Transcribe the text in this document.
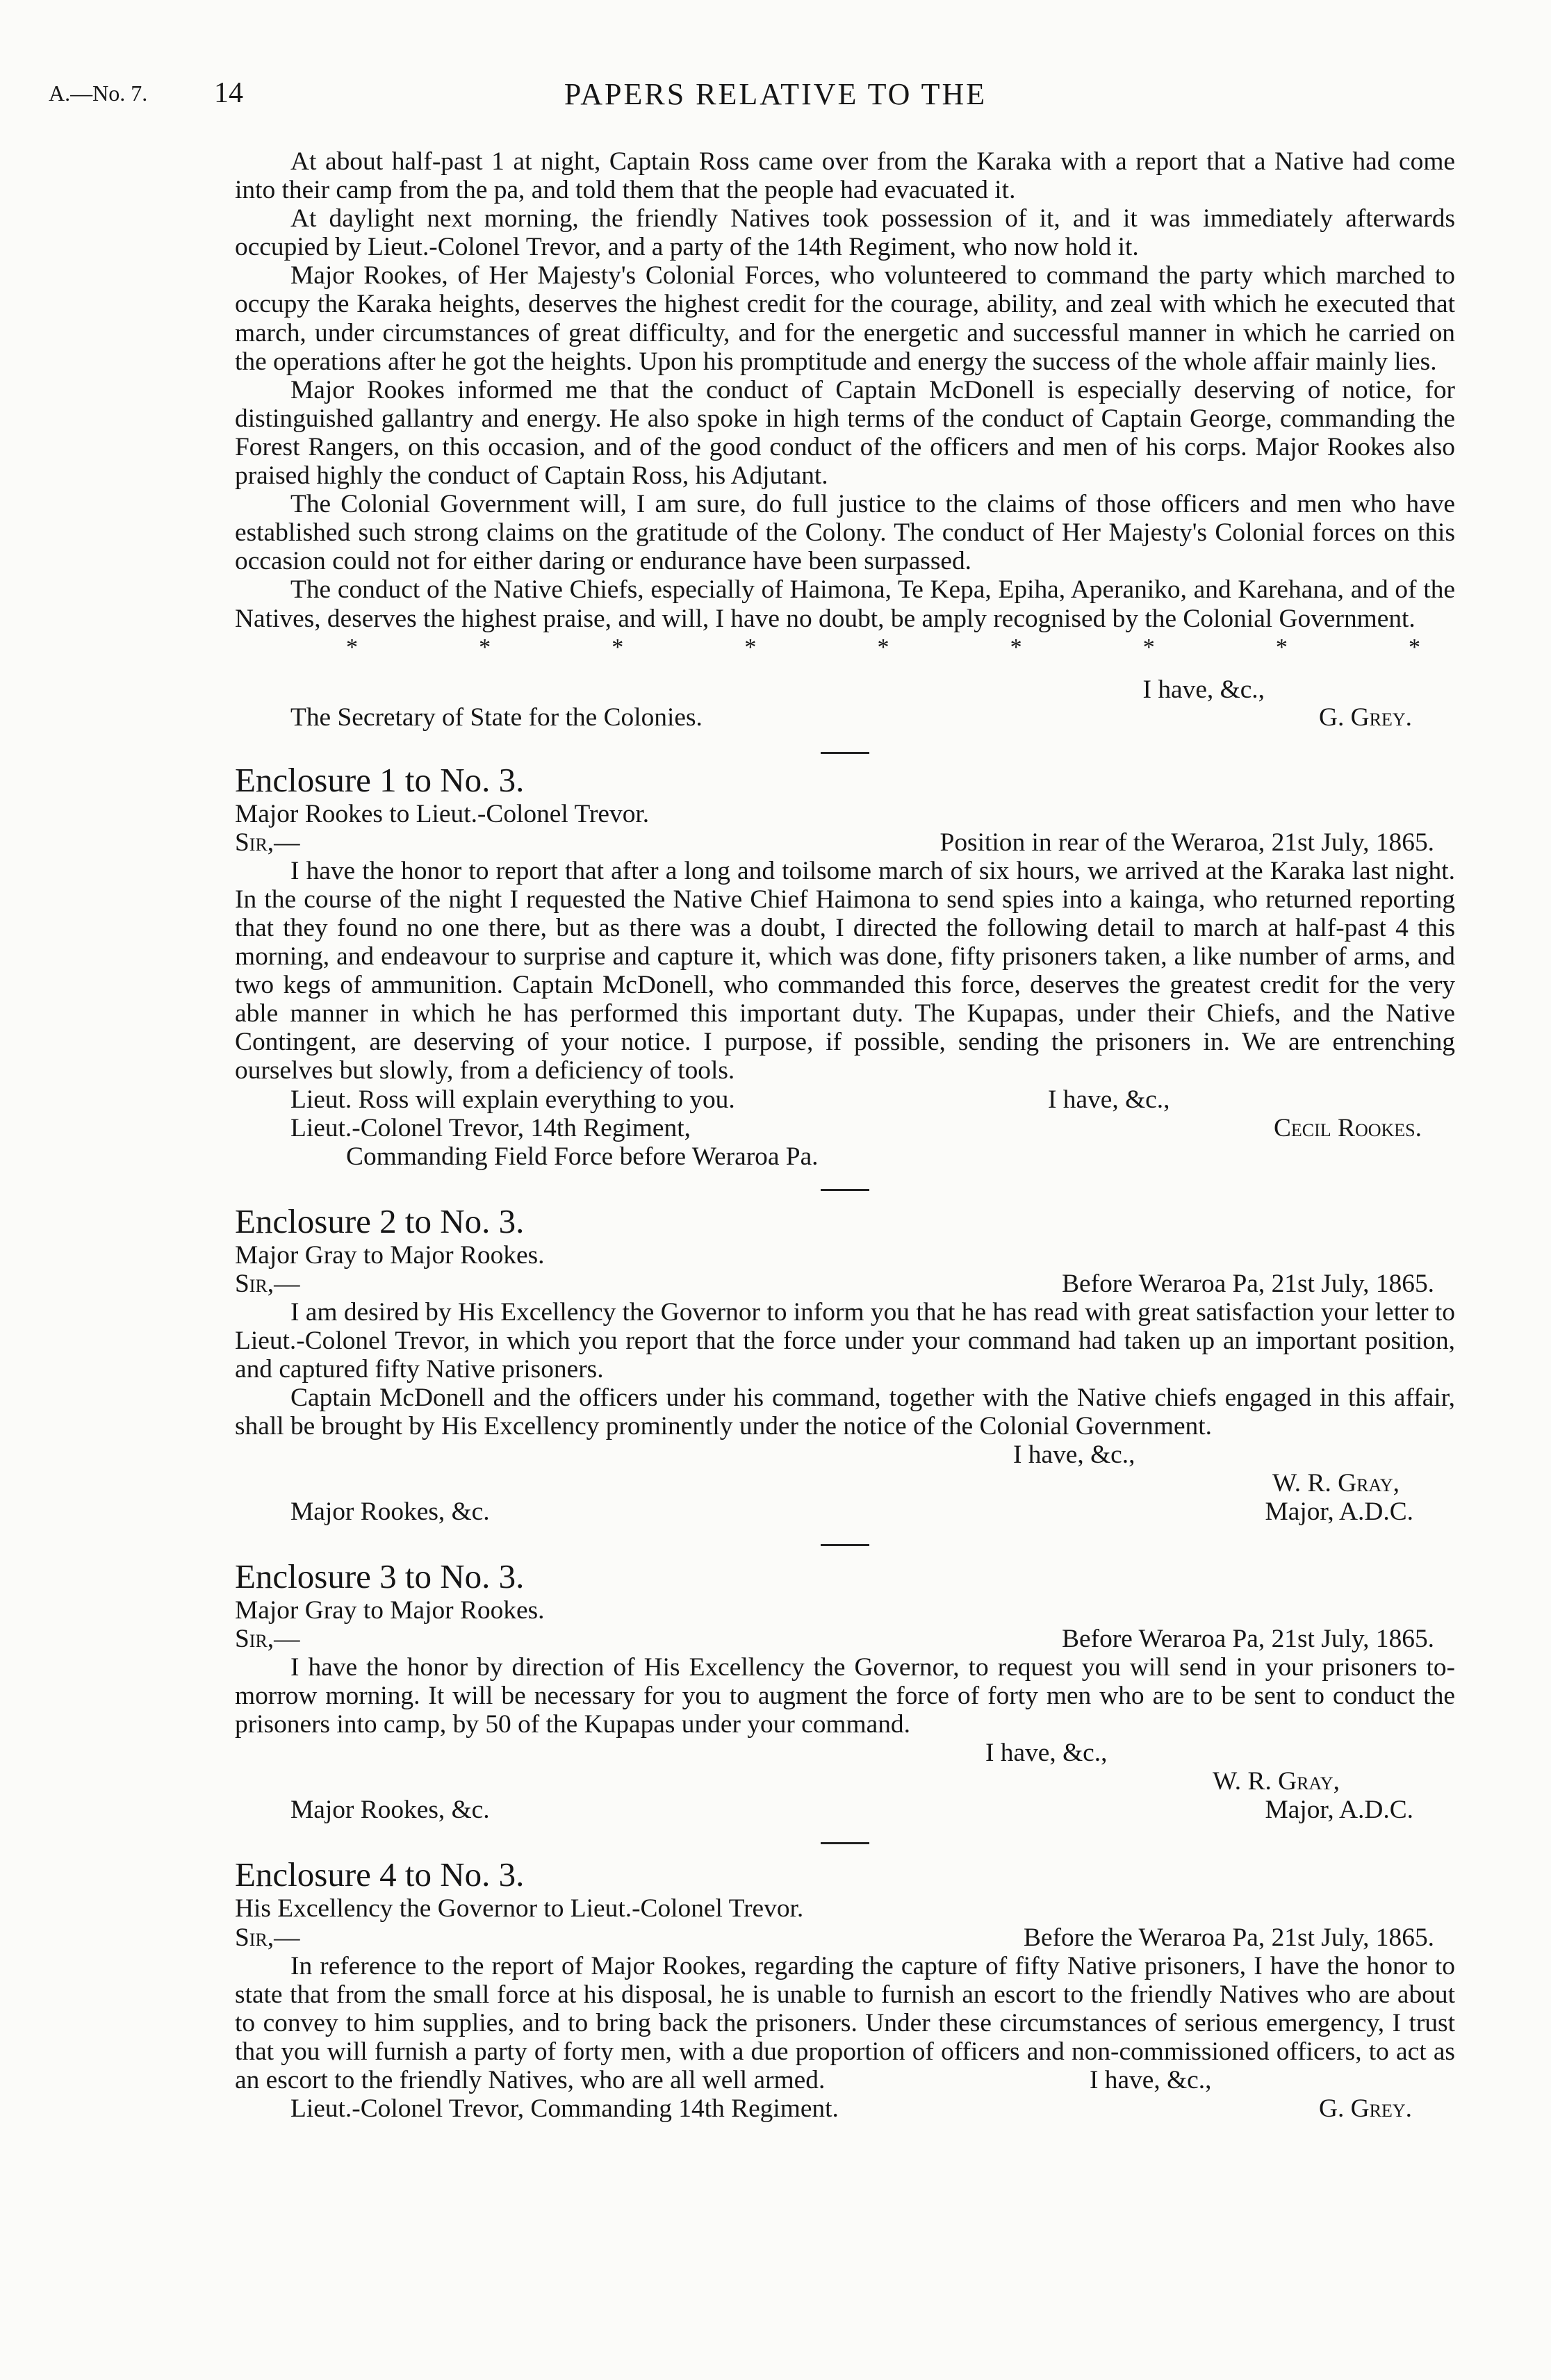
A.—No. 7. 14	PAPERS RELATIVE TO THE

At about half-past 1 at night, Captain Ross came over from the Karaka with a report that a Native had come into their camp from the pa, and told them that the people had evacuated it.

At daylight next morning, the friendly Natives took possession of it, and it was immediately afterwards occupied by Lieut.-Colonel Trevor, and a party of the 14th Regiment, who now hold it.

Major Rookes, of Her Majesty's Colonial Forces, who volunteered to command the party which marched to occupy the Karaka heights, deserves the highest credit for the courage, ability, and zeal with which he executed that march, under circumstances of great difficulty, and for the energetic and successful manner in which he carried on the operations after he got the heights. Upon his promptitude and energy the success of the whole affair mainly lies.

Major Rookes informed me that the conduct of Captain McDonell is especially deserving of notice, for distinguished gallantry and energy. He also spoke in high terms of the conduct of Captain George, commanding the Forest Rangers, on this occasion, and of the good conduct of the officers and men of his corps. Major Rookes also praised highly the conduct of Captain Ross, his Adjutant.

The Colonial Government will, I am sure, do full justice to the claims of those officers and men who have established such strong claims on the gratitude of the Colony. The conduct of Her Majesty's Colonial forces on this occasion could not for either daring or endurance have been surpassed.

The conduct of the Native Chiefs, especially of Haimona, Te Kepa, Epiha, Aperaniko, and Karehana, and of the Natives, deserves the highest praise, and will, I have no doubt, be amply recognised by the Colonial Government.

*	*	*	*	*	*	*	*	*
I have, &c.,
The Secretary of State for the Colonies.	G. Grey.

Enclosure 1 to No. 3.

Major Rookes to Lieut.-Colonel Trevor.

Sir,—	Position in rear of the Weraroa, 21st July, 1865.

I have the honor to report that after a long and toilsome march of six hours, we arrived at the Karaka last night. In the course of the night I requested the Native Chief Haimona to send spies into a kainga, who returned reporting that they found no one there, but as there was a doubt, I directed the following detail to march at half-past 4 this morning, and endeavour to surprise and capture it, which was done, fifty prisoners taken, a like number of arms, and two kegs of ammunition. Captain McDonell, who commanded this force, deserves the greatest credit for the very able manner in which he has performed this important duty. The Kupapas, under their Chiefs, and the Native Contingent, are deserving of your notice. I purpose, if possible, sending the prisoners in. We are entrenching ourselves but slowly, from a deficiency of tools.

Lieut. Ross will explain everything to you.	I have, &c.,
Lieut.-Colonel Trevor, 14th Regiment,	Cecil Rookes.
Commanding Field Force before Weraroa Pa.

Enclosure 2 to No. 3.

Major Gray to Major Rookes.

Sir,—	Before Weraroa Pa, 21st July, 1865.

I am desired by His Excellency the Governor to inform you that he has read with great satisfaction your letter to Lieut.-Colonel Trevor, in which you report that the force under your command had taken up an important position, and captured fifty Native prisoners.

Captain McDonell and the officers under his command, together with the Native chiefs engaged in this affair, shall be brought by His Excellency prominently under the notice of the Colonial Government.

I have, &c.,
W. R. Gray,
Major Rookes, &c.	Major, A.D.C.

Enclosure 3 to No. 3.

Major Gray to Major Rookes.

Sir,—	Before Weraroa Pa, 21st July, 1865.

I have the honor by direction of His Excellency the Governor, to request you will send in your prisoners to-morrow morning. It will be necessary for you to augment the force of forty men who are to be sent to conduct the prisoners into camp, by 50 of the Kupapas under your command.

I have, &c.,
W. R. Gray,
Major Rookes, &c.	Major, A.D.C.

Enclosure 4 to No. 3.

His Excellency the Governor to Lieut.-Colonel Trevor.

Sir,—	Before the Weraroa Pa, 21st July, 1865.

In reference to the report of Major Rookes, regarding the capture of fifty Native prisoners, I have the honor to state that from the small force at his disposal, he is unable to furnish an escort to the friendly Natives who are about to convey to him supplies, and to bring back the prisoners. Under these circumstances of serious emergency, I trust that you will furnish a party of forty men, with a due proportion of officers and non-commissioned officers, to act as an escort to the friendly Natives, who are all well armed.	I have, &c.,
Lieut.-Colonel Trevor, Commanding 14th Regiment.	G. Grey.
